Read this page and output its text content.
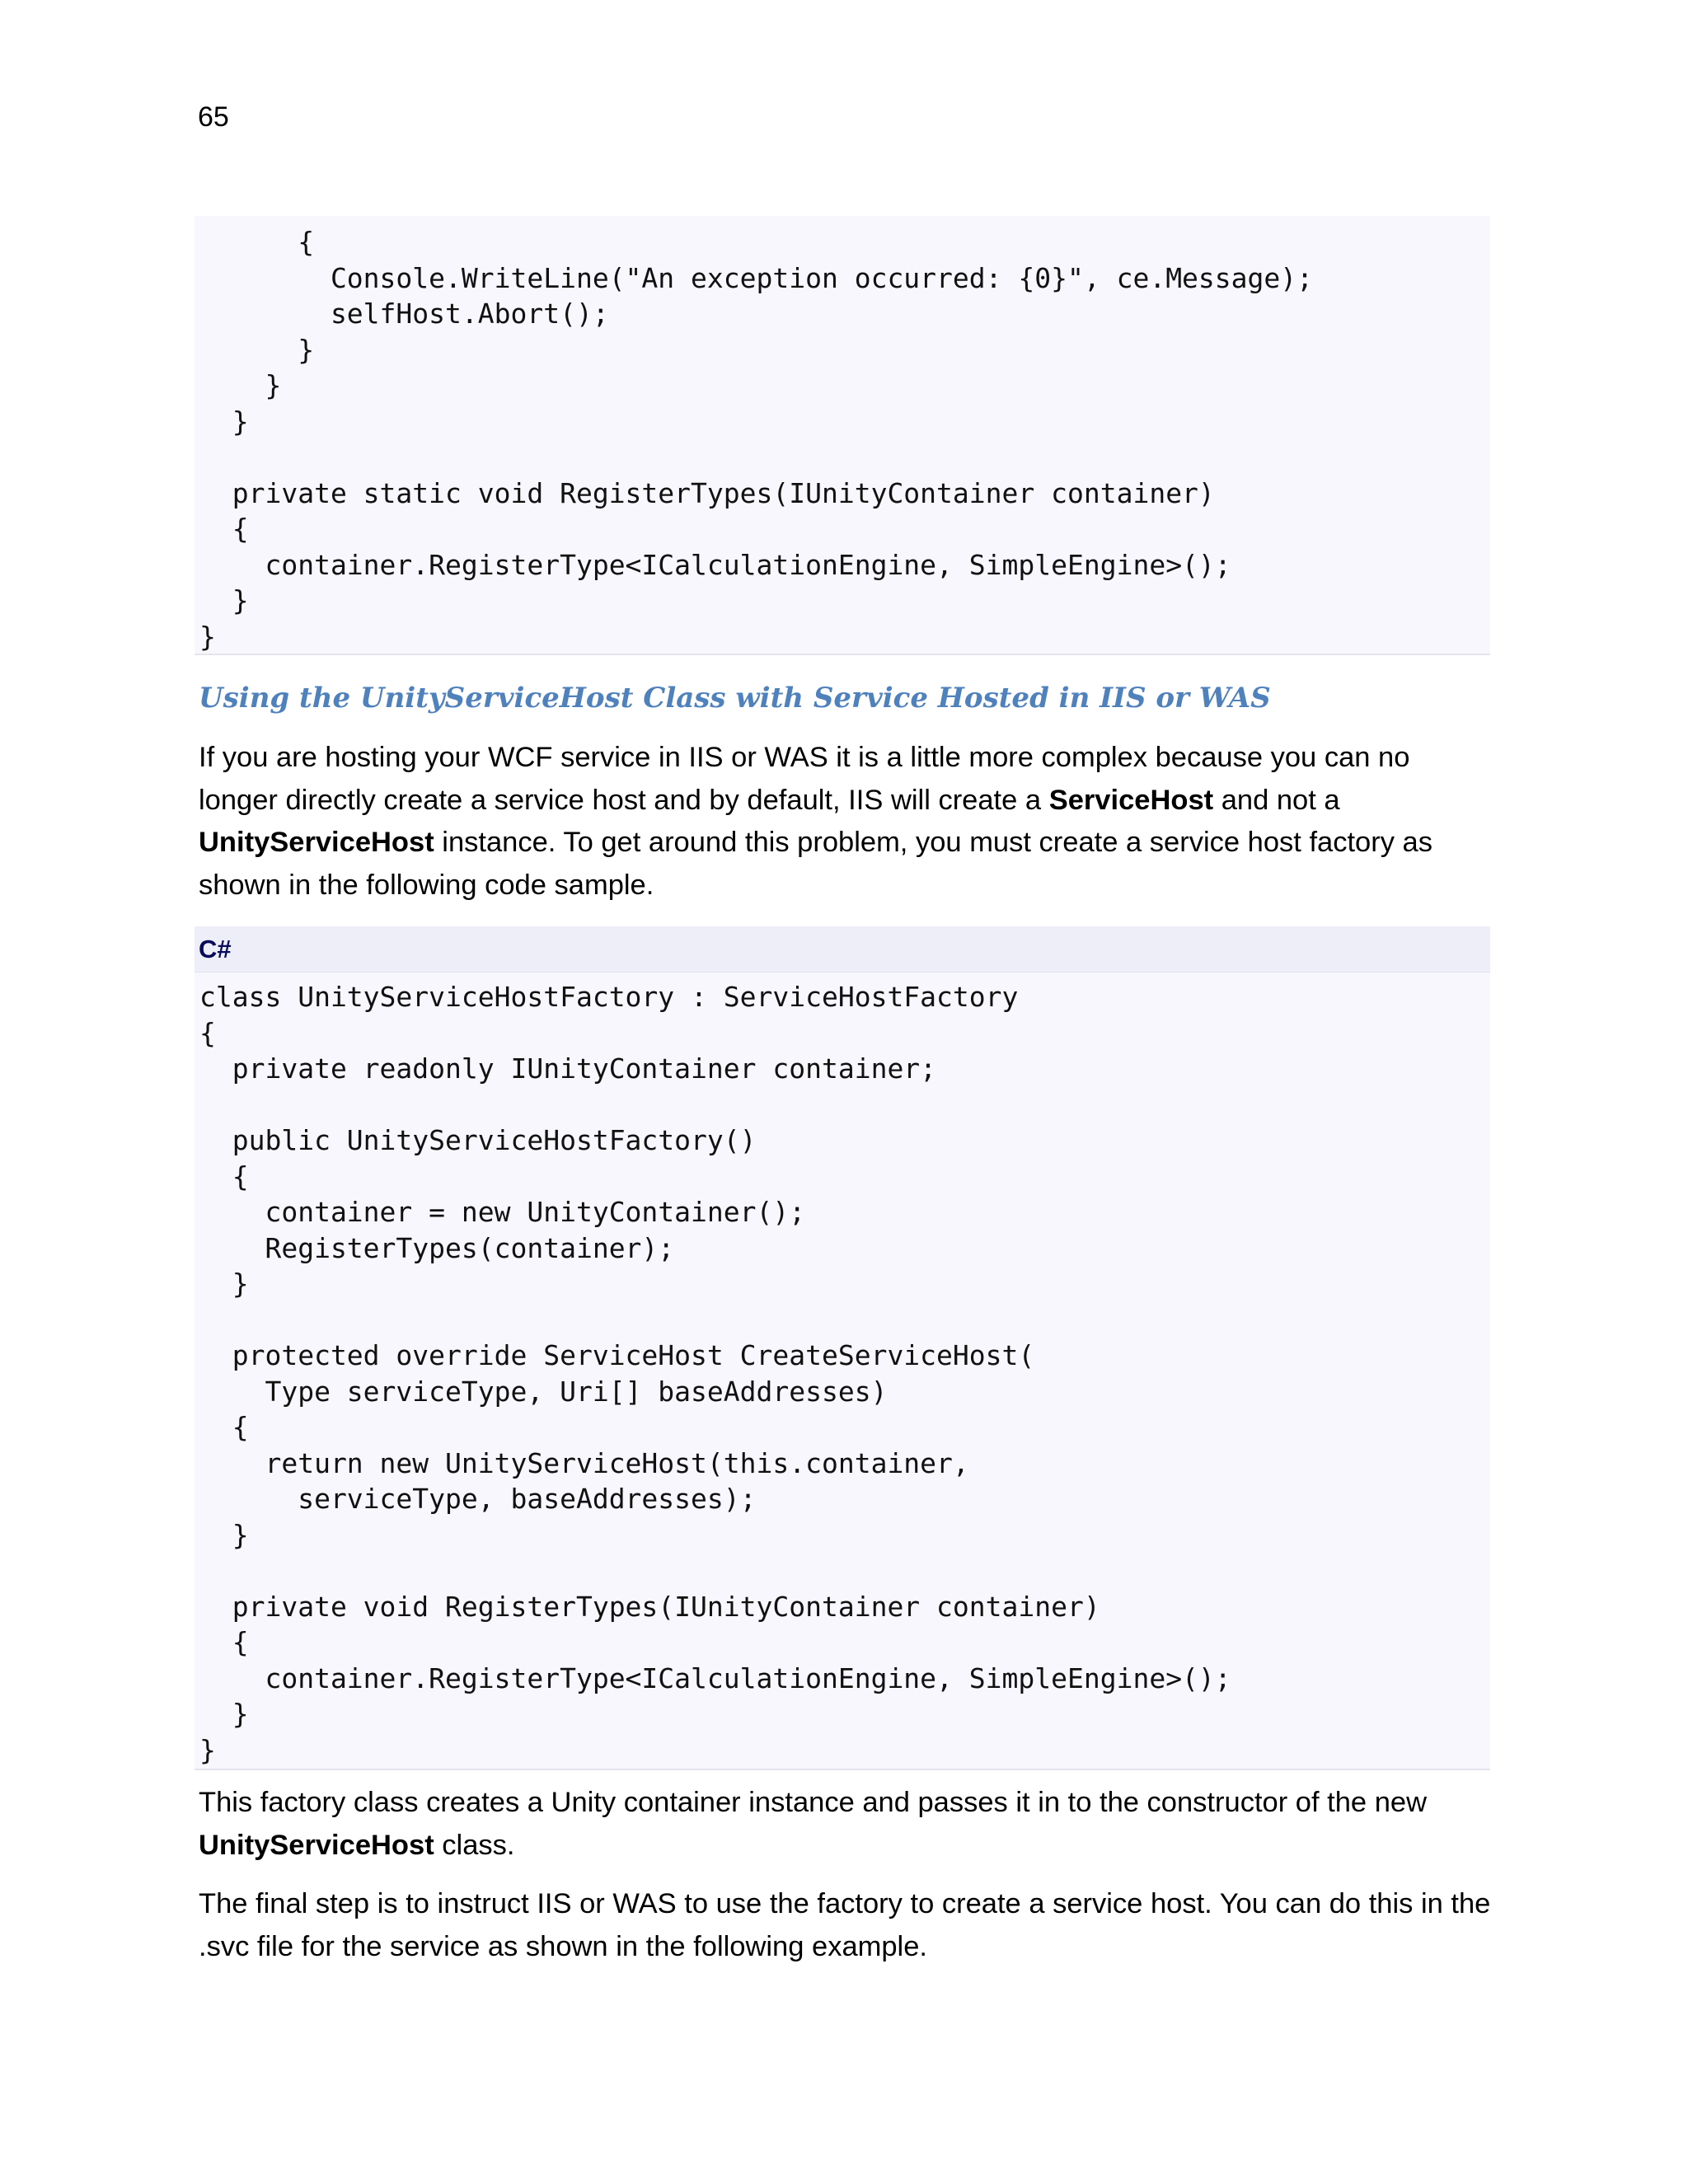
65
{
Console.WriteLine("An exception occurred: {0}", ce.Message);
selfHost.Abort();
}
}
}

private static void RegisterTypes(IUnityContainer container)
{
container.RegisterType<ICalculationEngine, SimpleEngine>();
}
}
Using the UnityServiceHost Class with Service Hosted in IIS or WAS
If you are hosting your WCF service in IIS or WAS it is a little more complex because you can no longer directly create a service host and by default, IIS will create a ServiceHost and not a UnityServiceHost instance. To get around this problem, you must create a service host factory as shown in the following code sample.
C#
class UnityServiceHostFactory : ServiceHostFactory
{
private readonly IUnityContainer container;

public UnityServiceHostFactory()
{
container = new UnityContainer();
RegisterTypes(container);
}

protected override ServiceHost CreateServiceHost(
Type serviceType, Uri[] baseAddresses)
{
return new UnityServiceHost(this.container,
serviceType, baseAddresses);
}

private void RegisterTypes(IUnityContainer container)
{
container.RegisterType<ICalculationEngine, SimpleEngine>();
}
}
This factory class creates a Unity container instance and passes it in to the constructor of the new UnityServiceHost class.
The final step is to instruct IIS or WAS to use the factory to create a service host. You can do this in the .svc file for the service as shown in the following example.
